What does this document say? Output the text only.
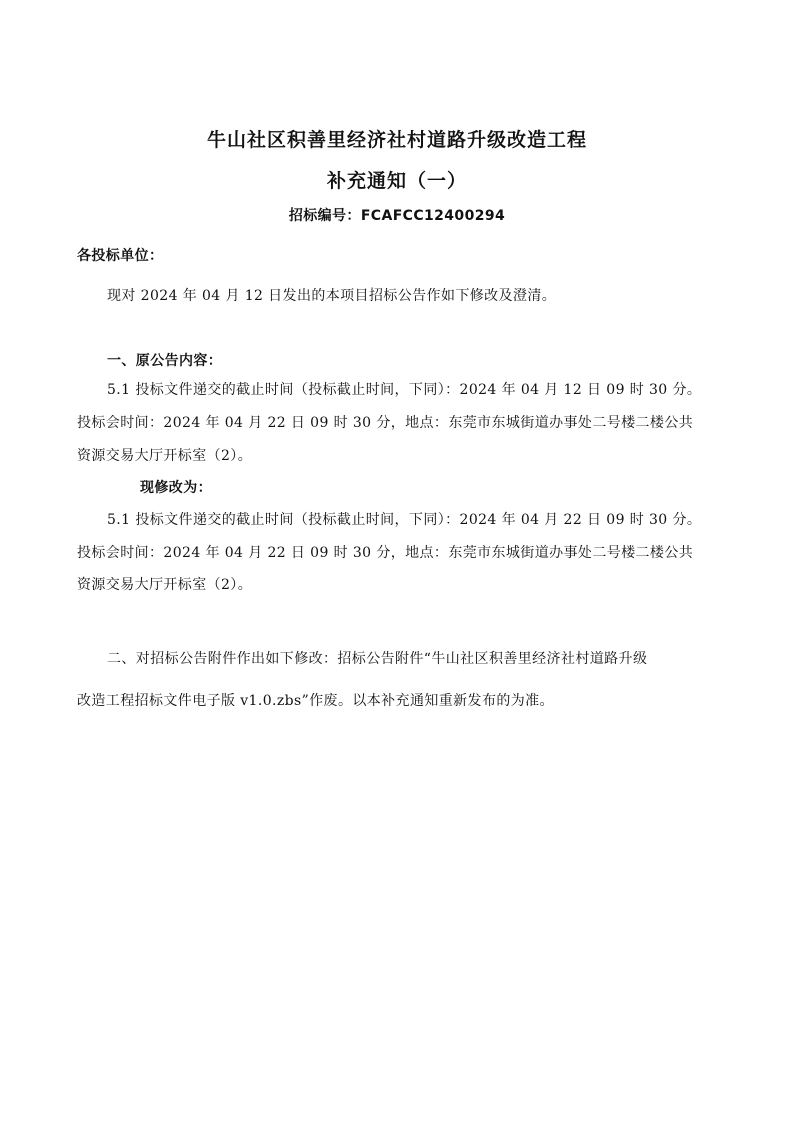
牛山社区积善里经济社村道路升级改造工程
补充通知（一）
招标编号：FCAFCC12400294
各投标单位：
现对 2024 年 04 月 12 日发出的本项目招标公告作如下修改及澄清。
一、原公告内容：
5.1 投标文件递交的截止时间（投标截止时间，下同）：2024 年 04 月 12 日 09 时 30 分。
投标会时间：2024 年 04 月 22 日 09 时 30 分，地点：东莞市东城街道办事处二号楼二楼公共
资源交易大厅开标室（2）。
现修改为：
5.1 投标文件递交的截止时间（投标截止时间，下同）：2024 年 04 月 22 日 09 时 30 分。
投标会时间：2024 年 04 月 22 日 09 时 30 分，地点：东莞市东城街道办事处二号楼二楼公共
资源交易大厅开标室（2）。
二、对招标公告附件作出如下修改：招标公告附件“牛山社区积善里经济社村道路升级
改造工程招标文件电子版 v1.0.zbs”作废。以本补充通知重新发布的为准。
